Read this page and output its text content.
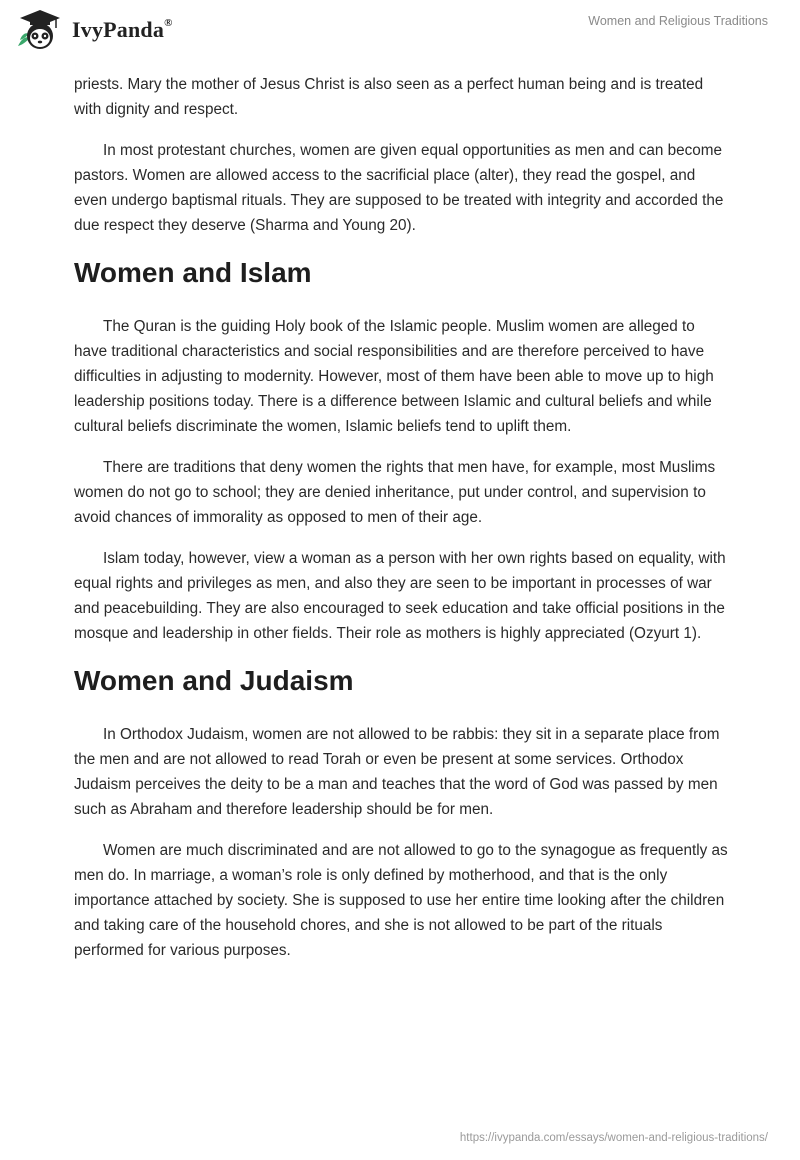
IvyPanda®	Women and Religious Traditions

priests. Mary the mother of Jesus Christ is also seen as a perfect human being and is treated with dignity and respect.

In most protestant churches, women are given equal opportunities as men and can become pastors. Women are allowed access to the sacrificial place (alter), they read the gospel, and even undergo baptismal rituals. They are supposed to be treated with integrity and accorded the due respect they deserve (Sharma and Young 20).

Women and Islam

The Quran is the guiding Holy book of the Islamic people. Muslim women are alleged to have traditional characteristics and social responsibilities and are therefore perceived to have difficulties in adjusting to modernity. However, most of them have been able to move up to high leadership positions today. There is a difference between Islamic and cultural beliefs and while cultural beliefs discriminate the women, Islamic beliefs tend to uplift them.

There are traditions that deny women the rights that men have, for example, most Muslims women do not go to school; they are denied inheritance, put under control, and supervision to avoid chances of immorality as opposed to men of their age.

Islam today, however, view a woman as a person with her own rights based on equality, with equal rights and privileges as men, and also they are seen to be important in processes of war and peacebuilding. They are also encouraged to seek education and take official positions in the mosque and leadership in other fields. Their role as mothers is highly appreciated (Ozyurt 1).

Women and Judaism

In Orthodox Judaism, women are not allowed to be rabbis: they sit in a separate place from the men and are not allowed to read Torah or even be present at some services. Orthodox Judaism perceives the deity to be a man and teaches that the word of God was passed by men such as Abraham and therefore leadership should be for men.

Women are much discriminated and are not allowed to go to the synagogue as frequently as men do. In marriage, a woman’s role is only defined by motherhood, and that is the only importance attached by society. She is supposed to use her entire time looking after the children and taking care of the household chores, and she is not allowed to be part of the rituals performed for various purposes.

https://ivypanda.com/essays/women-and-religious-traditions/
